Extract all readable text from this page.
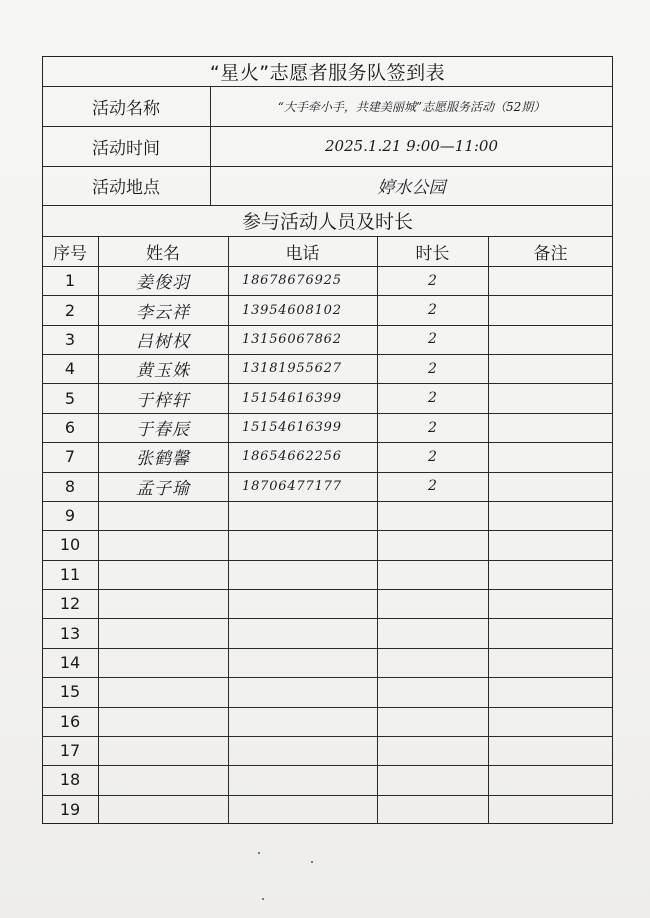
“星火”志愿者服务队签到表
活动名称	“大手牵小手，共建美丽城”志愿服务活动（52期）
活动时间	2025.1.21 9:00—11:00
活动地点	婷水公园
参与活动人员及时长
序号	姓名	电话	时长	备注
1	姜俊羽	18678676925	2
2	李云祥	13954608102	2
3	吕树权	13156067862	2
4	黄玉姝	13181955627	2
5	于梓轩	15154616399	2
6	于春辰	15154616399	2
7	张鹤馨	18654662256	2
8	孟子瑜	18706477177	2
9
10
11
12
13
14
15
16
17
18
19
